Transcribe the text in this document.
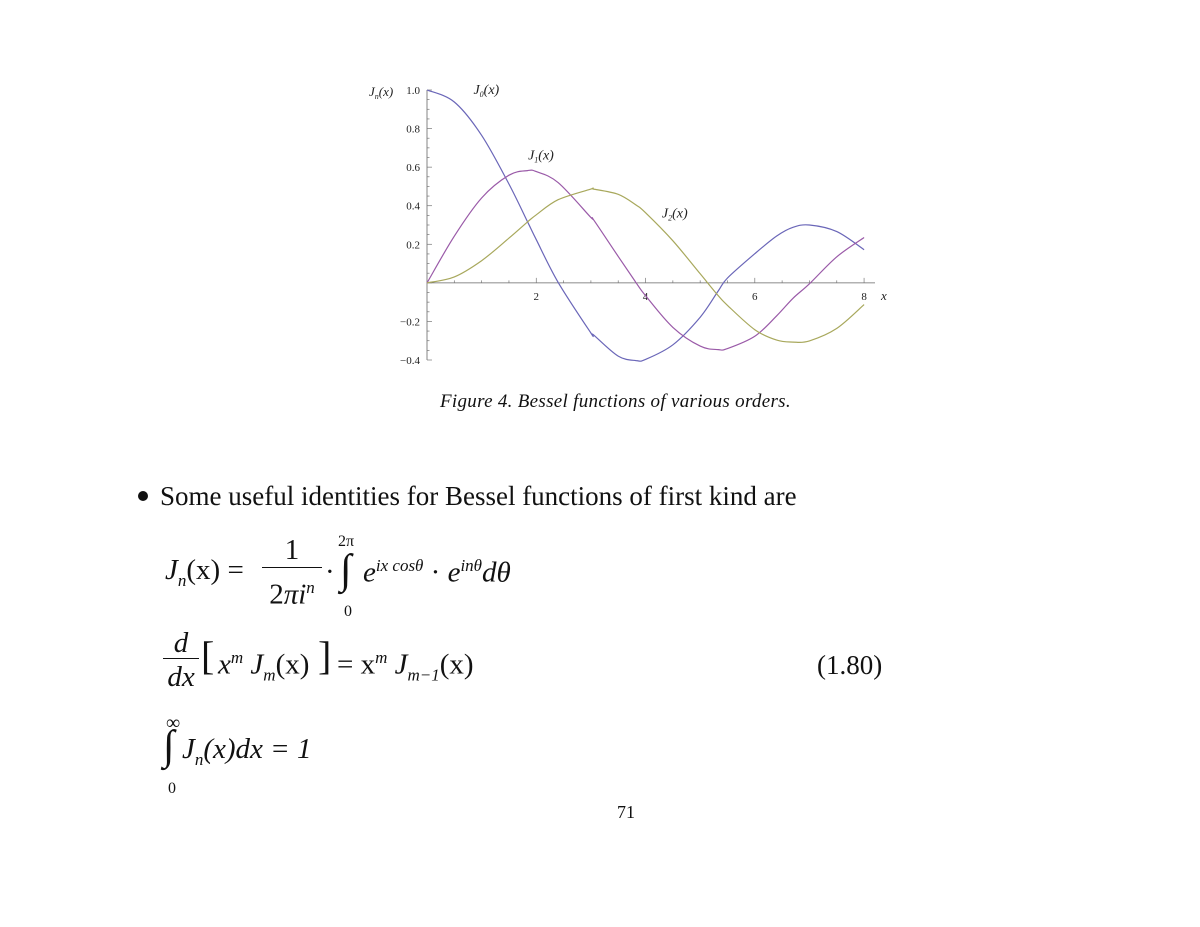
$J_n(x)$ 1.0
0.8
0.6
0.4
0.2
−0.2
−0.4
2	4	6	8 x
$J_0(x)$
$J_1(x)$
$J_2(x)$
Figure 4. Bessel functions of various orders.
Some useful identities for Bessel functions of first kind are
$J_n(x)$ =
1
$2\pi i^n$ · ∫
2π
0
$e^{ix cos\theta} \cdot e^{in\theta}d\theta$
d
dx [ $x^m$ $J_m(x)$ ] = $x^m$ $J_{m-1}(x)$	(1.80)
∞
∫
0
$J_n(x)dx = 1$
71
